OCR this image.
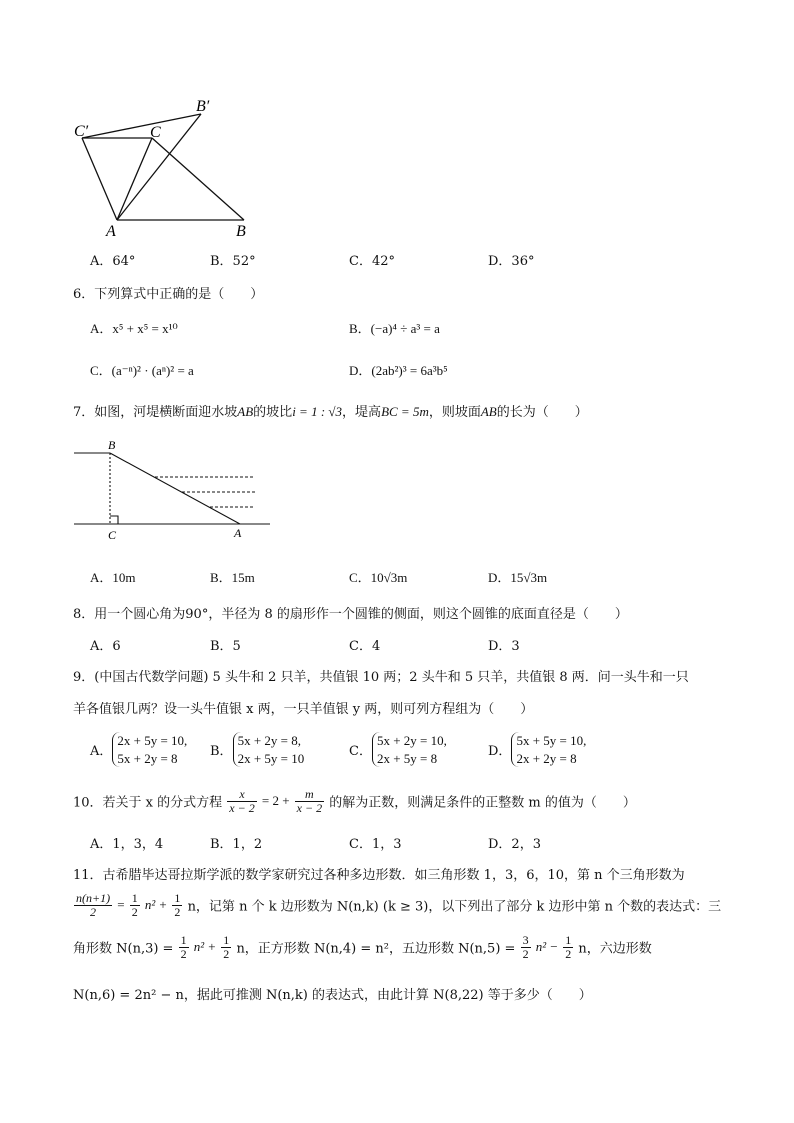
C′	C
B′
A	B
A．64°	B．52°	C．42°	D．36°
6．下列算式中正确的是（　　）
A．x⁵ + x⁵ = x¹⁰	B．(−a)⁴ ÷ a³ = a
C．(a⁻ⁿ)² · (aⁿ)² = a	D．(2ab²)³ = 6a³b⁵
7．如图，河堤横断面迎水坡AB的坡比i = 1 : √3，堤高BC = 5m，则坡面AB的长为（　　）
B
C	A
A．10m	B．15m	C．10√3m	D．15√3m
8．用一个圆心角为90°，半径为 8 的扇形作一个圆锥的侧面，则这个圆锥的底面直径是（　　）
A．6	B．5	C．4	D．3
9．(中国古代数学问题) 5 头牛和 2 只羊，共值银 10 两；2 头牛和 5 只羊，共值银 8 两．问一头牛和一只
羊各值银几两？设一头牛值银 x 两，一只羊值银 y 两，则可列方程组为（　　）
A．2x + 5y = 10,
5x + 2y = 8	B．5x + 2y = 8,
2x + 5y = 10	C．5x + 2y = 10,
2x + 5y = 8	D．5x + 5y = 10,
2x + 2y = 8
10．若关于 x 的分式方程 $\frac{x}{x - 2} = 2 + \frac{m}{x - 2}$ 的解为正数，则满足条件的正整数 m 的值为（　　）
A．1，3，4	B．1，2	C．1，3	D．2，3
11．古希腊毕达哥拉斯学派的数学家研究过各种多边形数．如三角形数 1，3，6，10，第 n 个三角形数为
$\frac{n(n+1)}{2} = \frac{1}{2} n^2 + \frac{1}{2}$ n，记第 n 个 k 边形数为 N(n,k) (k ≥ 3)，以下列出了部分 k 边形中第 n 个数的表达式：三
角形数 $N(n,3) = \frac{1}{2} n^2 + \frac{1}{2}$ n，正方形数 N(n,4) = n²，五边形数 $N(n,5) = \frac{3}{2} n^2 - \frac{1}{2}$ n，六边形数
N(n,6) = 2n² − n，据此可推测 N(n,k) 的表达式，由此计算 N(8,22) 等于多少（　　）
